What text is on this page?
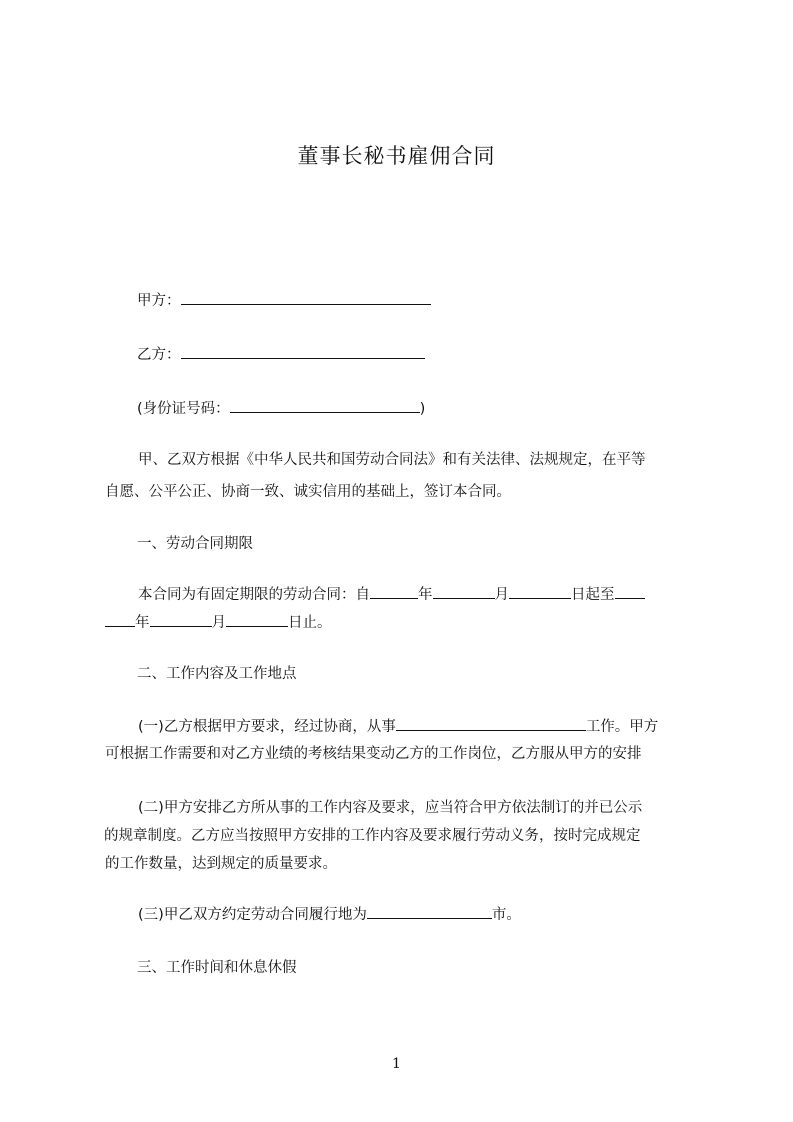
董事长秘书雇佣合同
甲方：
乙方：
(身份证号码：	)
甲、乙双方根据《中华人民共和国劳动合同法》和有关法律、法规规定，在平等
自愿、公平公正、协商一致、诚实信用的基础上，签订本合同。
一、劳动合同期限
本合同为有固定期限的劳动合同：自	年	月	日起至
年	月	日止。
二、工作内容及工作地点
(一)乙方根据甲方要求，经过协商，从事	工作。甲方
可根据工作需要和对乙方业绩的考核结果变动乙方的工作岗位，乙方服从甲方的安排
(二)甲方安排乙方所从事的工作内容及要求，应当符合甲方依法制订的并已公示
的规章制度。乙方应当按照甲方安排的工作内容及要求履行劳动义务，按时完成规定
的工作数量，达到规定的质量要求。
(三)甲乙双方约定劳动合同履行地为	市。
三、工作时间和休息休假
1
